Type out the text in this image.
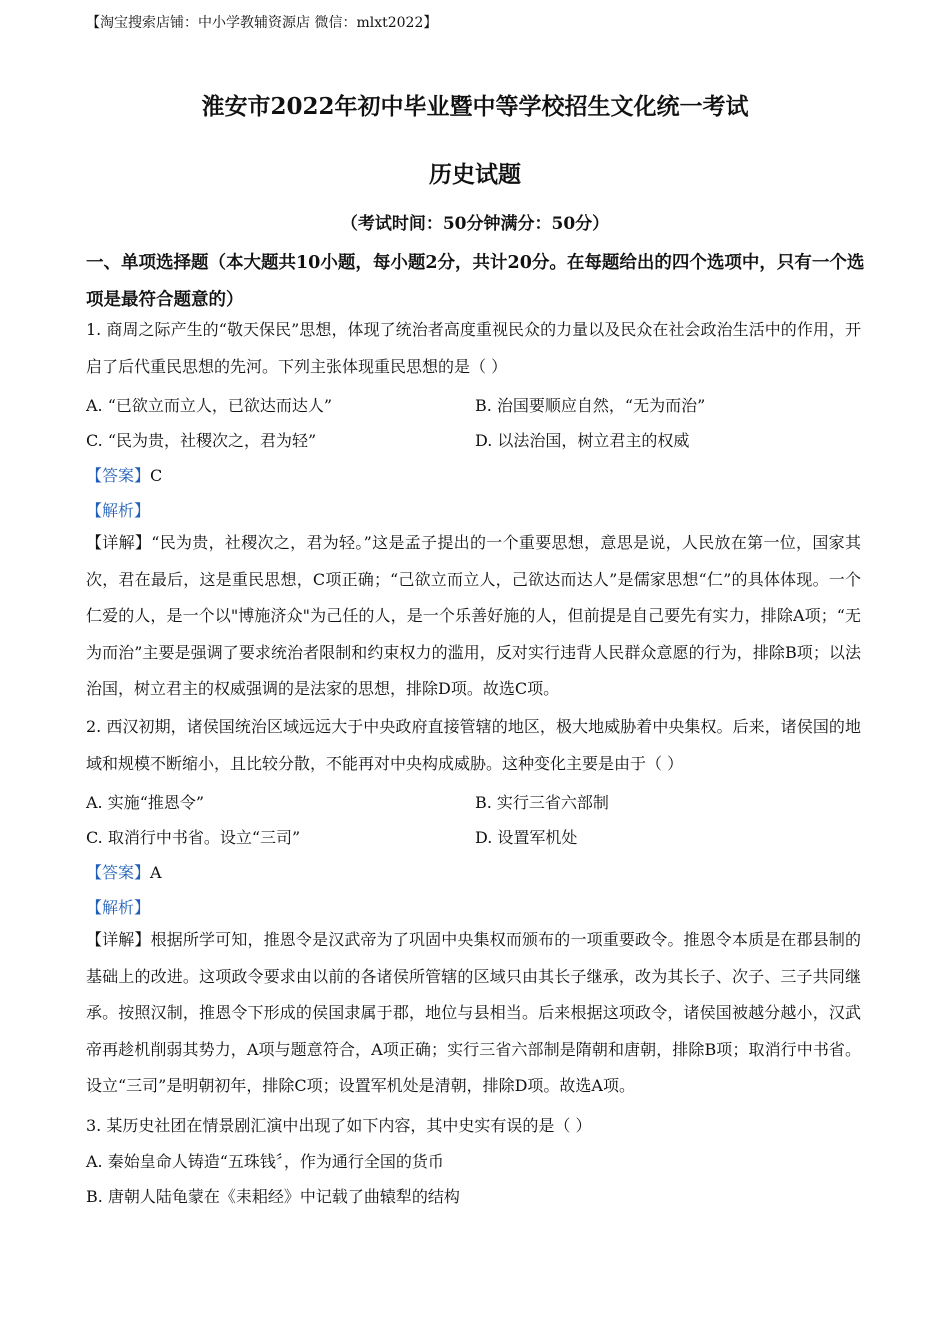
【淘宝搜索店铺：中小学教辅资源店 微信：mlxt2022】
淮安市2022年初中毕业暨中等学校招生文化统一考试
历史试题
（考试时间：50分钟满分：50分）
一、单项选择题（本大题共10小题，每小题2分，共计20分。在每题给出的四个选项中，只有一个选项是最符合题意的）
1. 商周之际产生的“敬天保民”思想，体现了统治者高度重视民众的力量以及民众在社会政治生活中的作用，开启了后代重民思想的先河。下列主张体现重民思想的是（ ）
A. “已欲立而立人，已欲达而达人”	B. 治国要顺应自然，“无为而治”
C. “民为贵，社稷次之，君为轻”	D. 以法治国，树立君主的权威
【答案】C
【解析】
【详解】“民为贵，社稷次之，君为轻。”这是孟子提出的一个重要思想，意思是说，人民放在第一位，国家其次，君在最后，这是重民思想，C项正确；“己欲立而立人，己欲达而达人”是儒家思想“仁”的具体体现。一个仁爱的人，是一个以"博施济众"为己任的人，是一个乐善好施的人，但前提是自己要先有实力，排除A项；“无为而治”主要是强调了要求统治者限制和约束权力的滥用，反对实行违背人民群众意愿的行为，排除B项；以法治国，树立君主的权威强调的是法家的思想，排除D项。故选C项。
2. 西汉初期，诸侯国统治区域远远大于中央政府直接管辖的地区，极大地威胁着中央集权。后来，诸侯国的地域和规模不断缩小，且比较分散，不能再对中央构成威胁。这种变化主要是由于（ ）
A. 实施“推恩令”	B. 实行三省六部制
C. 取消行中书省。设立“三司”	D. 设置军机处
【答案】A
【解析】
【详解】根据所学可知，推恩令是汉武帝为了巩固中央集权而颁布的一项重要政令。推恩令本质是在郡县制的基础上的改进。这项政令要求由以前的各诸侯所管辖的区域只由其长子继承，改为其长子、次子、三子共同继承。按照汉制，推恩令下形成的侯国隶属于郡，地位与县相当。后来根据这项政令，诸侯国被越分越小，汉武帝再趁机削弱其势力，A项与题意符合，A项正确；实行三省六部制是隋朝和唐朝，排除B项；取消行中书省。设立“三司”是明朝初年，排除C项；设置军机处是清朝，排除D项。故选A项。
3. 某历史社团在情景剧汇演中出现了如下内容，其中史实有误的是（ ）
A. 秦始皇命人铸造“五珠钱〞，作为通行全国的货币
B. 唐朝人陆龟蒙在《耒耜经》中记载了曲辕犁的结构
